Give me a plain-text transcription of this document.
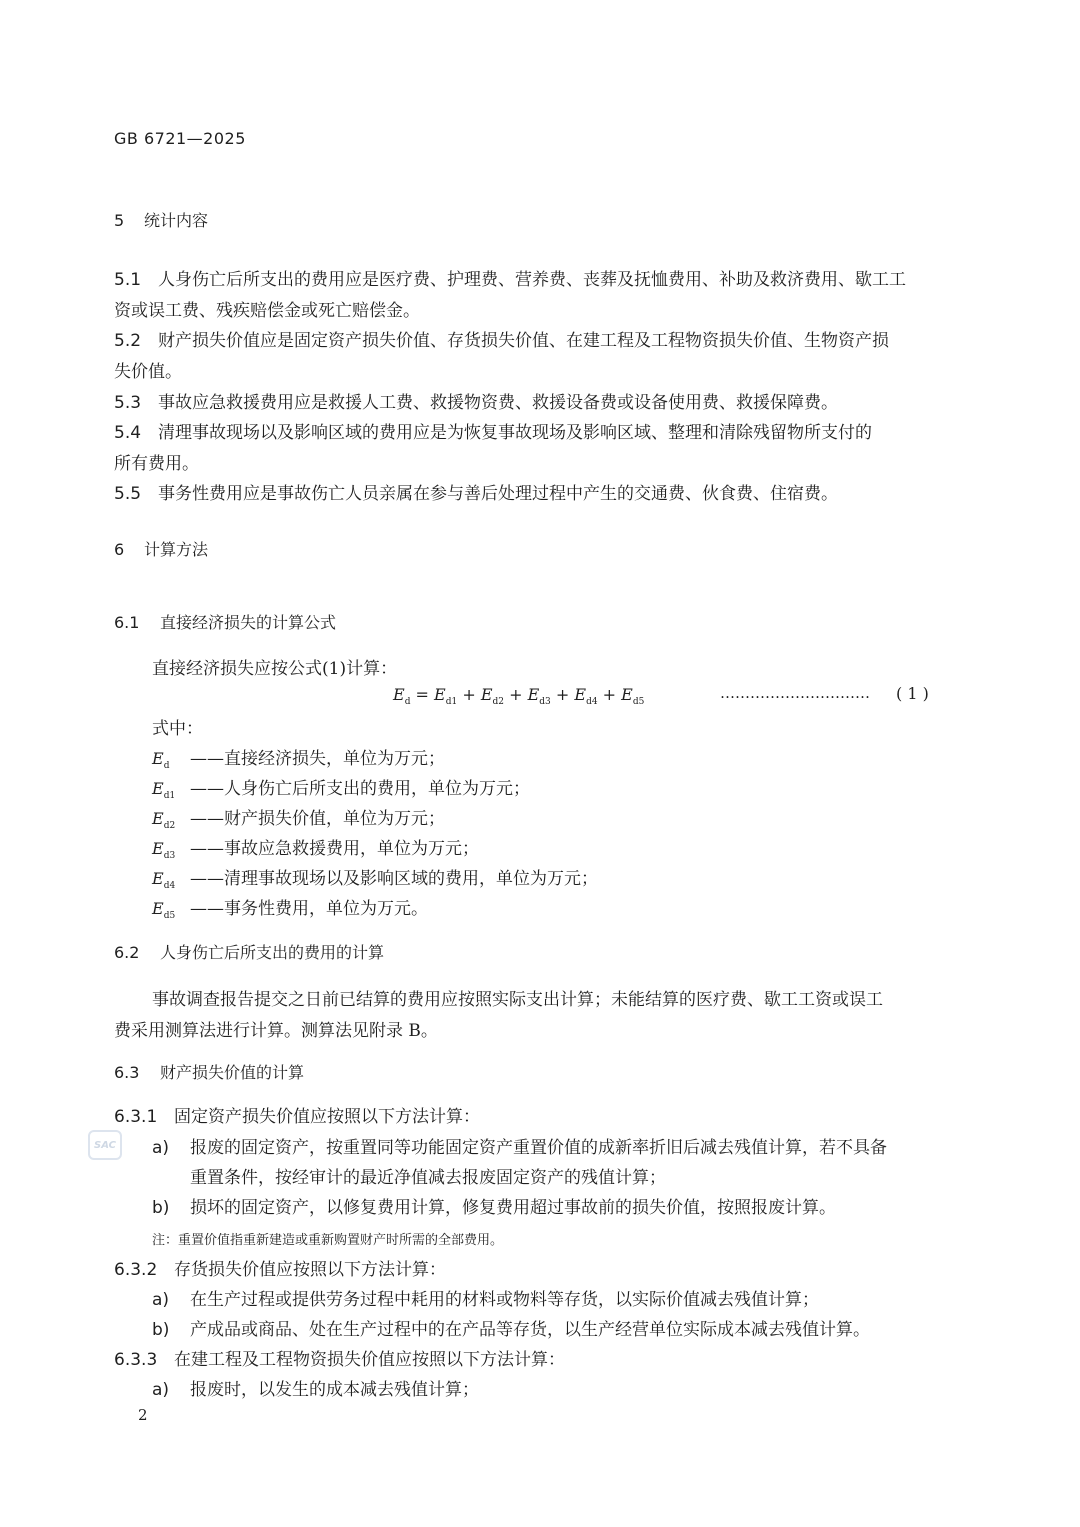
GB 6721—2025
5 统计内容
5.1 人身伤亡后所支出的费用应是医疗费、护理费、营养费、丧葬及抚恤费用、补助及救济费用、歇工工
资或误工费、残疾赔偿金或死亡赔偿金。
5.2 财产损失价值应是固定资产损失价值、存货损失价值、在建工程及工程物资损失价值、生物资产损
失价值。
5.3 事故应急救援费用应是救援人工费、救援物资费、救援设备费或设备使用费、救援保障费。
5.4 清理事故现场以及影响区域的费用应是为恢复事故现场及影响区域、整理和清除残留物所支付的
所有费用。
5.5 事务性费用应是事故伤亡人员亲属在参与善后处理过程中产生的交通费、伙食费、住宿费。
6 计算方法
6.1 直接经济损失的计算公式
直接经济损失应按公式(1)计算：
$E_d = E_{d1} + E_{d2} + E_{d3} + E_{d4} + E_{d5}$
………………………… ( 1 )
式中：
$E_d$ ——直接经济损失，单位为万元；
$E_{d1}$ ——人身伤亡后所支出的费用，单位为万元；
$E_{d2}$ ——财产损失价值，单位为万元；
$E_{d3}$ ——事故应急救援费用，单位为万元；
$E_{d4}$ ——清理事故现场以及影响区域的费用，单位为万元；
$E_{d5}$ ——事务性费用，单位为万元。
6.2 人身伤亡后所支出的费用的计算
事故调查报告提交之日前已结算的费用应按照实际支出计算；未能结算的医疗费、歇工工资或误工
费采用测算法进行计算。测算法见附录 B。
6.3 财产损失价值的计算
6.3.1 固定资产损失价值应按照以下方法计算：
SAC	a) 报废的固定资产，按重置同等功能固定资产重置价值的成新率折旧后减去残值计算，若不具备
重置条件，按经审计的最近净值减去报废固定资产的残值计算；
b) 损坏的固定资产，以修复费用计算，修复费用超过事故前的损失价值，按照报废计算。
注：重置价值指重新建造或重新购置财产时所需的全部费用。
6.3.2 存货损失价值应按照以下方法计算：
a) 在生产过程或提供劳务过程中耗用的材料或物料等存货，以实际价值减去残值计算；
b) 产成品或商品、处在生产过程中的在产品等存货，以生产经营单位实际成本减去残值计算。
6.3.3 在建工程及工程物资损失价值应按照以下方法计算：
a) 报废时，以发生的成本减去残值计算；
2
